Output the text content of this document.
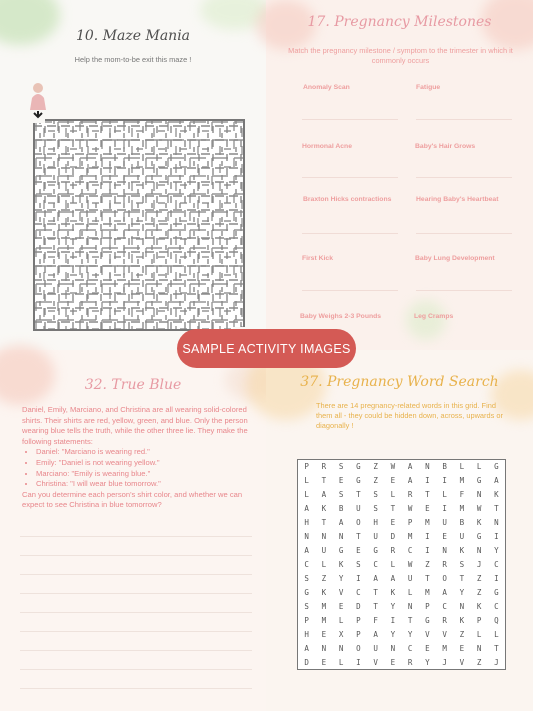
10. Maze Mania
Help the mom-to-be exit this maze !
17. Pregnancy Milestones
Match the pregnancy milestone / symptom to the trimester in which it commonly occurs
Anomaly Scan	Fatigue
Hormonal Acne	Baby's Hair Grows
Braxton Hicks contractions	Hearing Baby's Heartbeat
First Kick	Baby Lung Development
Baby Weighs 2-3 Pounds	Leg Cramps
32. True Blue
Daniel, Emily, Marciano, and Christina are all wearing solid-colored shirts. Their shirts are red, yellow, green, and blue. Only the person wearing blue tells the truth, while the other three lie. They make the following statements:
• Daniel: "Marciano is wearing red."
• Emily: "Daniel is not wearing yellow."
• Marciano: "Emily is wearing blue."
• Christina: "I will wear blue tomorrow."
Can you determine each person's shirt color, and whether we can expect to see Christina in blue tomorrow?
37. Pregnancy Word Search
There are 14 pregnancy-related words in this grid. Find them all - they could be hidden down, across, upwards or diagonally !
P	R	S	G	Z	W	A	N	B	L	L	G
L	T	E	G	Z	E	A	I	I	M	G	A
L	A	S	T	S	L	R	T	L	F	N	K
A	K	B	U	S	T	W	E	I	M	W	T
H	T	A	O	H	E	P	M	U	B	K	N
N	N	N	T	U	D	M	I	E	U	G	I
A	U	G	E	G	R	C	I	N	K	N	Y
C	L	K	S	C	L	W	Z	R	S	J	C
S	Z	Y	I	A	A	U	T	O	T	Z	I
G	K	V	C	T	K	L	M	A	Y	Z	G
S	M	E	D	T	Y	N	P	C	N	K	C
P	M	L	P	F	I	T	G	R	K	P	Q
H	E	X	P	A	Y	Y	V	V	Z	L	L
A	N	N	O	U	N	C	E	M	E	N	T
D	E	L	I	V	E	R	Y	J	V	Z	J
SAMPLE ACTIVITY IMAGES
